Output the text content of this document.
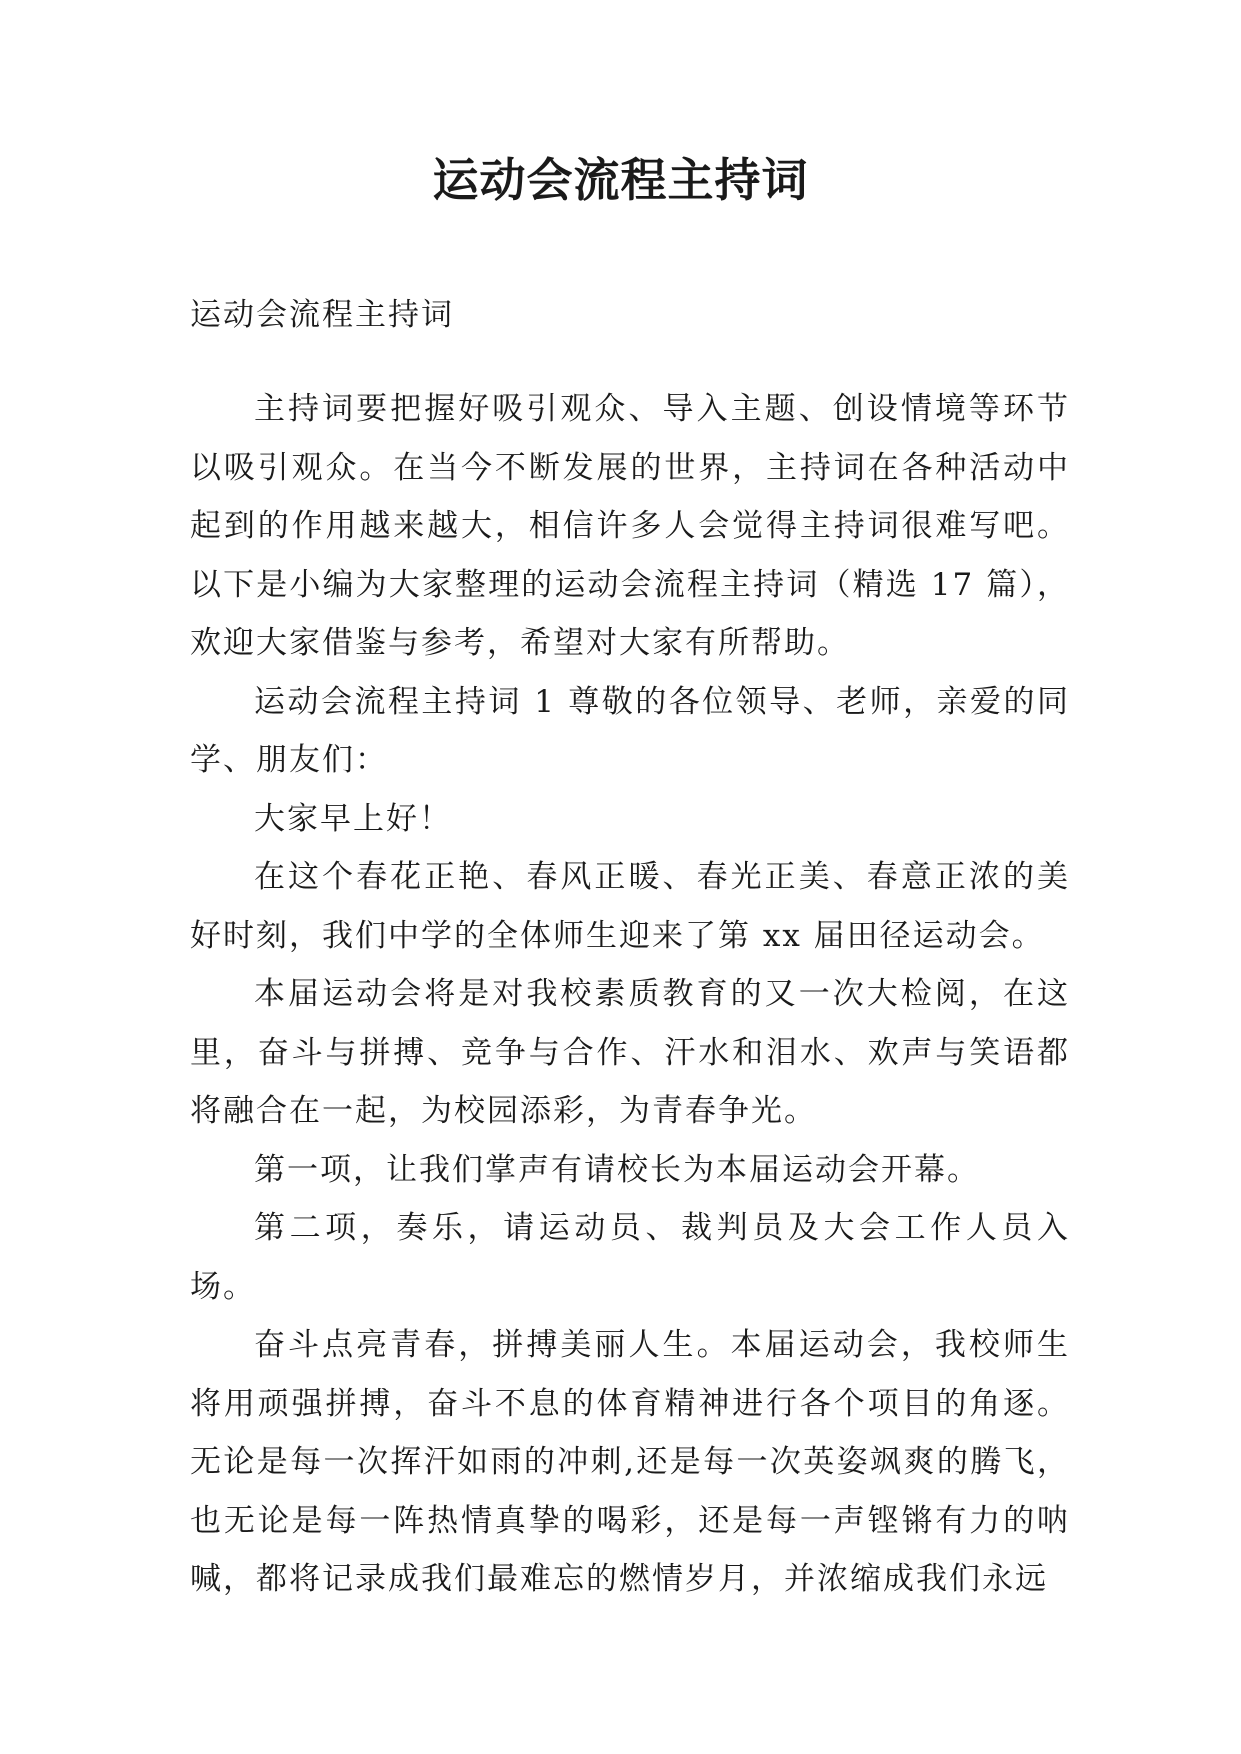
运动会流程主持词

运动会流程主持词

主持词要把握好吸引观众、导入主题、创设情境等环节以吸引观众。在当今不断发展的世界，主持词在各种活动中起到的作用越来越大，相信许多人会觉得主持词很难写吧。以下是小编为大家整理的运动会流程主持词（精选 17 篇），欢迎大家借鉴与参考，希望对大家有所帮助。

运动会流程主持词 1 尊敬的各位领导、老师，亲爱的同学、朋友们：

大家早上好！

在这个春花正艳、春风正暖、春光正美、春意正浓的美好时刻，我们中学的全体师生迎来了第 xx 届田径运动会。

本届运动会将是对我校素质教育的又一次大检阅，在这里，奋斗与拼搏、竞争与合作、汗水和泪水、欢声与笑语都将融合在一起，为校园添彩，为青春争光。

第一项，让我们掌声有请校长为本届运动会开幕。

第二项，奏乐，请运动员、裁判员及大会工作人员入场。

奋斗点亮青春，拼搏美丽人生。本届运动会，我校师生将用顽强拼搏，奋斗不息的体育精神进行各个项目的角逐。无论是每一次挥汗如雨的冲刺,还是每一次英姿飒爽的腾飞，也无论是每一阵热情真挚的喝彩，还是每一声铿锵有力的呐喊，都将记录成我们最难忘的燃情岁月，并浓缩成我们永远
